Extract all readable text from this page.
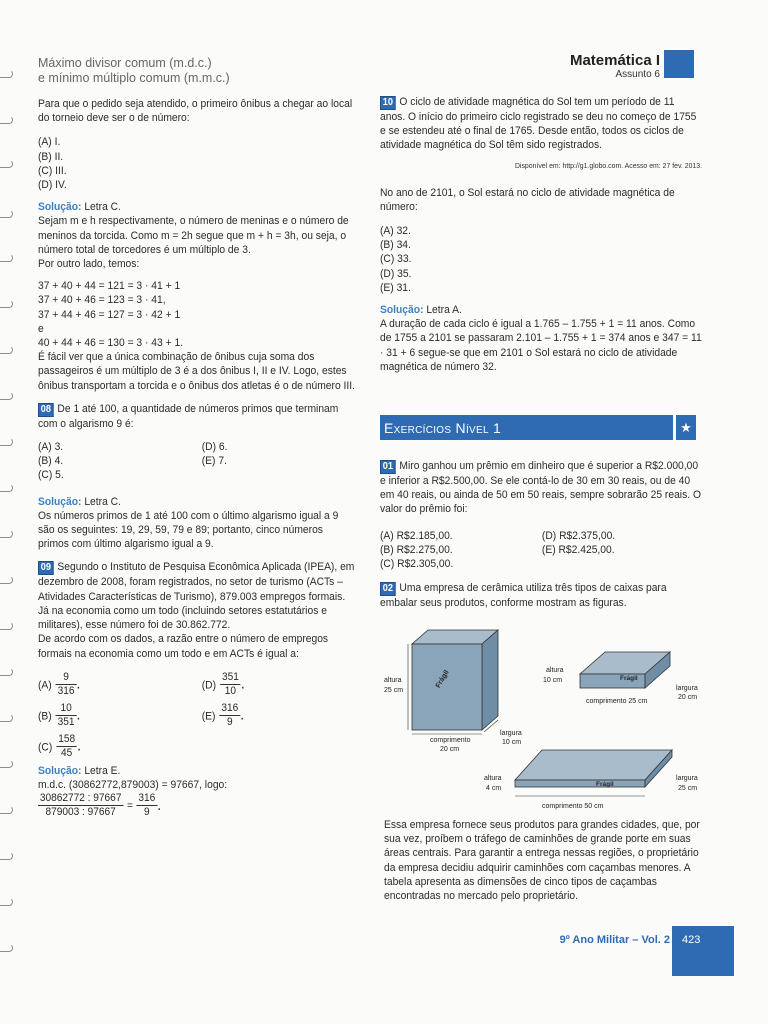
Máximo divisor comum (m.d.c.)
e mínimo múltiplo comum (m.m.c.)
Matemática I
Assunto 6
Para que o pedido seja atendido, o primeiro ônibus a chegar ao local do torneio deve ser o de número:
(A) I.
(B) II.
(C) III.
(D) IV.
Solução: Letra C.
Sejam m e h respectivamente, o número de meninas e o número de meninos da torcida. Como m = 2h segue que m + h = 3h, ou seja, o número total de torcedores é um múltiplo de 3.
Por outro lado, temos:
37 + 40 + 44 = 121 = 3 · 41 + 1
37 + 40 + 46 = 123 = 3 · 41,
37 + 44 + 46 = 127 = 3 · 42 + 1
e
40 + 44 + 46 = 130 = 3 · 43 + 1.
É fácil ver que a única combinação de ônibus cuja soma dos passageiros é um múltiplo de 3 é a dos ônibus I, II e IV. Logo, estes ônibus transportam a torcida e o ônibus dos atletas é o de número III.
08 De 1 até 100, a quantidade de números primos que terminam com o algarismo 9 é:
(A) 3.
(B) 4.
(C) 5.
(D) 6.
(E) 7.
Solução: Letra C.
Os números primos de 1 até 100 com o último algarismo igual a 9 são os seguintes: 19, 29, 59, 79 e 89; portanto, cinco números primos com último algarismo igual a 9.
09 Segundo o Instituto de Pesquisa Econômica Aplicada (IPEA), em dezembro de 2008, foram registrados, no setor de turismo (ACTs – Atividades Características de Turismo), 879.003 empregos formais. Já na economia como um todo (incluindo setores estatutários e militares), esse número foi de 30.862.772.
De acordo com os dados, a razão entre o número de empregos formais na economia como um todo e em ACTs é igual a:
$(A) \frac{9}{316}$ .
$(B) \frac{10}{351}$ .
$(C) \frac{158}{45}$ .
$(D) \frac{351}{10}$ .
$(E) \frac{316}{9}$ .
Solução: Letra E.
m.d.c. (30862772,879003) = 97667, logo:
$\frac{30862772 : 97667}{879003 : 97667} = \frac{316}{9}$ .
10 O ciclo de atividade magnética do Sol tem um período de 11 anos. O início do primeiro ciclo registrado se deu no começo de 1755 e se estendeu até o final de 1765. Desde então, todos os ciclos de atividade magnética do Sol têm sido registrados.
Disponível em: http://g1.globo.com. Acesso em: 27 fev. 2013.
No ano de 2101, o Sol estará no ciclo de atividade magnética de número:
(A) 32.
(B) 34.
(C) 33.
(D) 35.
(E) 31.
Solução: Letra A.
A duração de cada ciclo é igual a 1.765 – 1.755 + 1 = 11 anos. Como de 1755 a 2101 se passaram 2.101 – 1.755 + 1 = 374 anos e 347 = 11 · 31 + 6 segue-se que em 2101 o Sol estará no ciclo de atividade magnética de número 32.
Exercícios Nível 1	★
01 Miro ganhou um prêmio em dinheiro que é superior a R$2.000,00 e inferior a R$2.500,00. Se ele contá-lo de 30 em 30 reais, ou de 40 em 40 reais, ou ainda de 50 em 50 reais, sempre sobrarão 25 reais. O valor do prêmio foi:
(A) R$2.185,00.
(B) R$2.275,00.
(C) R$2.305,00.
(D) R$2.375,00.
(E) R$2.425,00.
02 Uma empresa de cerâmica utiliza três tipos de caixas para embalar seus produtos, conforme mostram as figuras.
Frágil
altura
25 cm
comprimento
20 cm
largura
10 cm
Frágil
altura
10 cm
comprimento 25 cm
largura
20 cm
Frágil
altura
4 cm
comprimento 50 cm
largura
25 cm
Essa empresa fornece seus produtos para grandes cidades, que, por sua vez, proíbem o tráfego de caminhões de grande porte em suas áreas centrais. Para garantir a entrega nessas regiões, o proprietário da empresa decidiu adquirir caminhões com caçambas menores. A tabela apresenta as dimensões de cinco tipos de caçambas encontradas no mercado pelo proprietário.
9º Ano Militar – Vol. 2	423
